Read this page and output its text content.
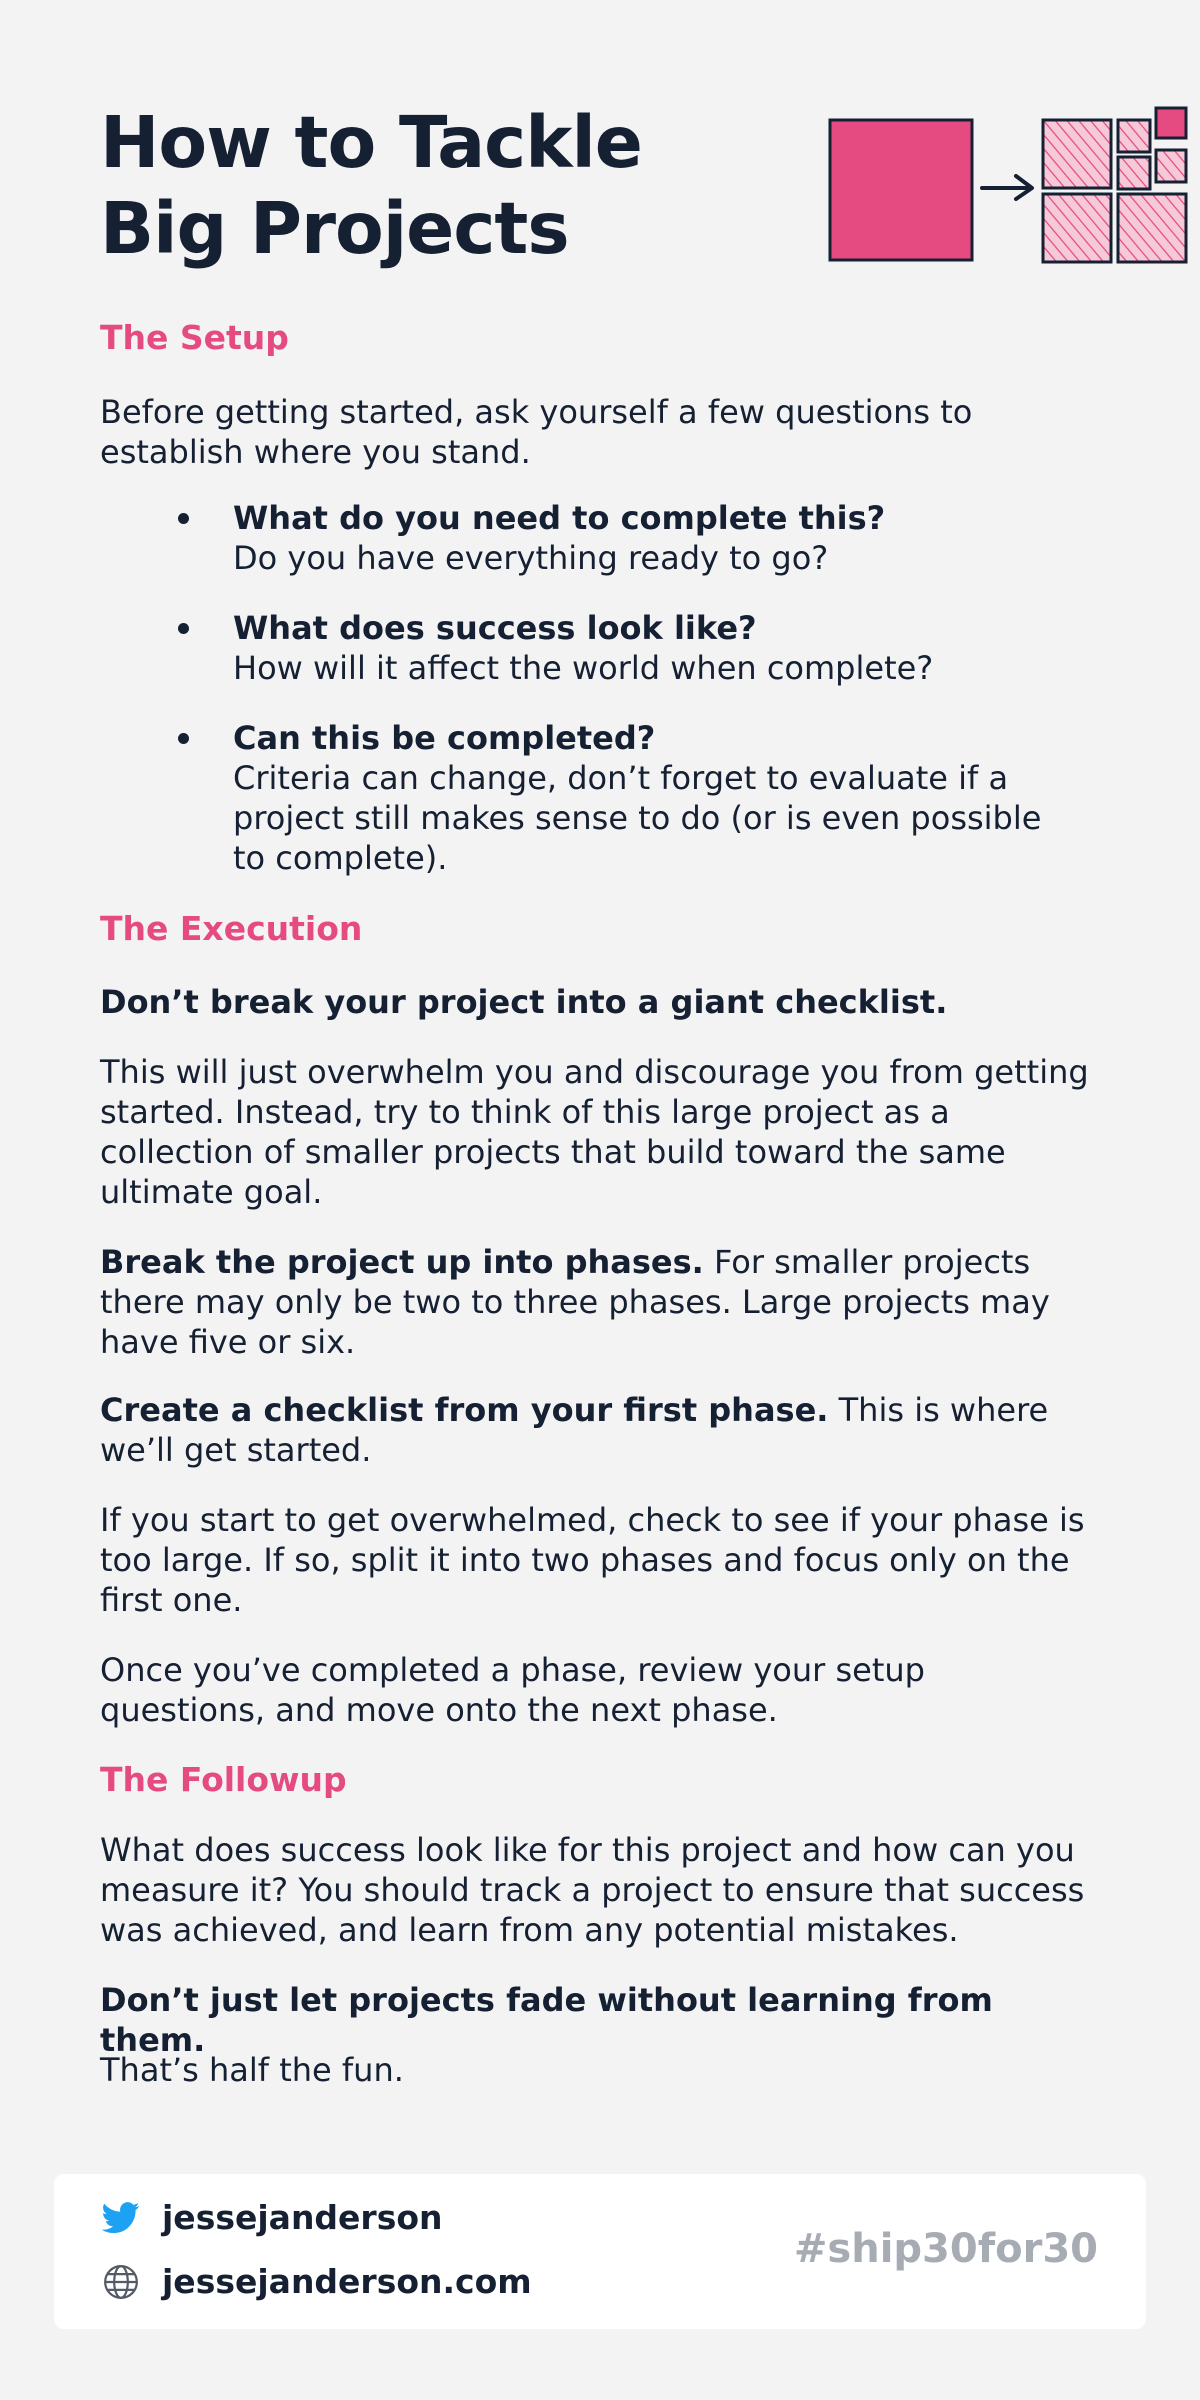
How to Tackle Big Projects
The Setup

Before getting started, ask yourself a few questions to establish where you stand.

What do you need to complete this?
Do you have everything ready to go?
What does success look like?
How will it affect the world when complete?
Can this be completed?
Criteria can change, don’t forget to evaluate if a project still makes sense to do (or is even possible to complete).
The Execution

Don’t break your project into a giant checklist.

This will just overwhelm you and discourage you from getting started. Instead, try to think of this large project as a collection of smaller projects that build toward the same ultimate goal.

Break the project up into phases. For smaller projects there may only be two to three phases. Large projects may have five or six.

Create a checklist from your first phase. This is where we’ll get started.

If you start to get overwhelmed, check to see if your phase is too large. If so, split it into two phases and focus only on the first one.

Once you’ve completed a phase, review your setup questions, and move onto the next phase.

The Followup

What does success look like for this project and how can you measure it? You should track a project to ensure that success was achieved, and learn from any potential mistakes.

Don’t just let projects fade without learning from them.

That’s half the fun.

jessejanderson
jessejanderson.com
#ship30for30
